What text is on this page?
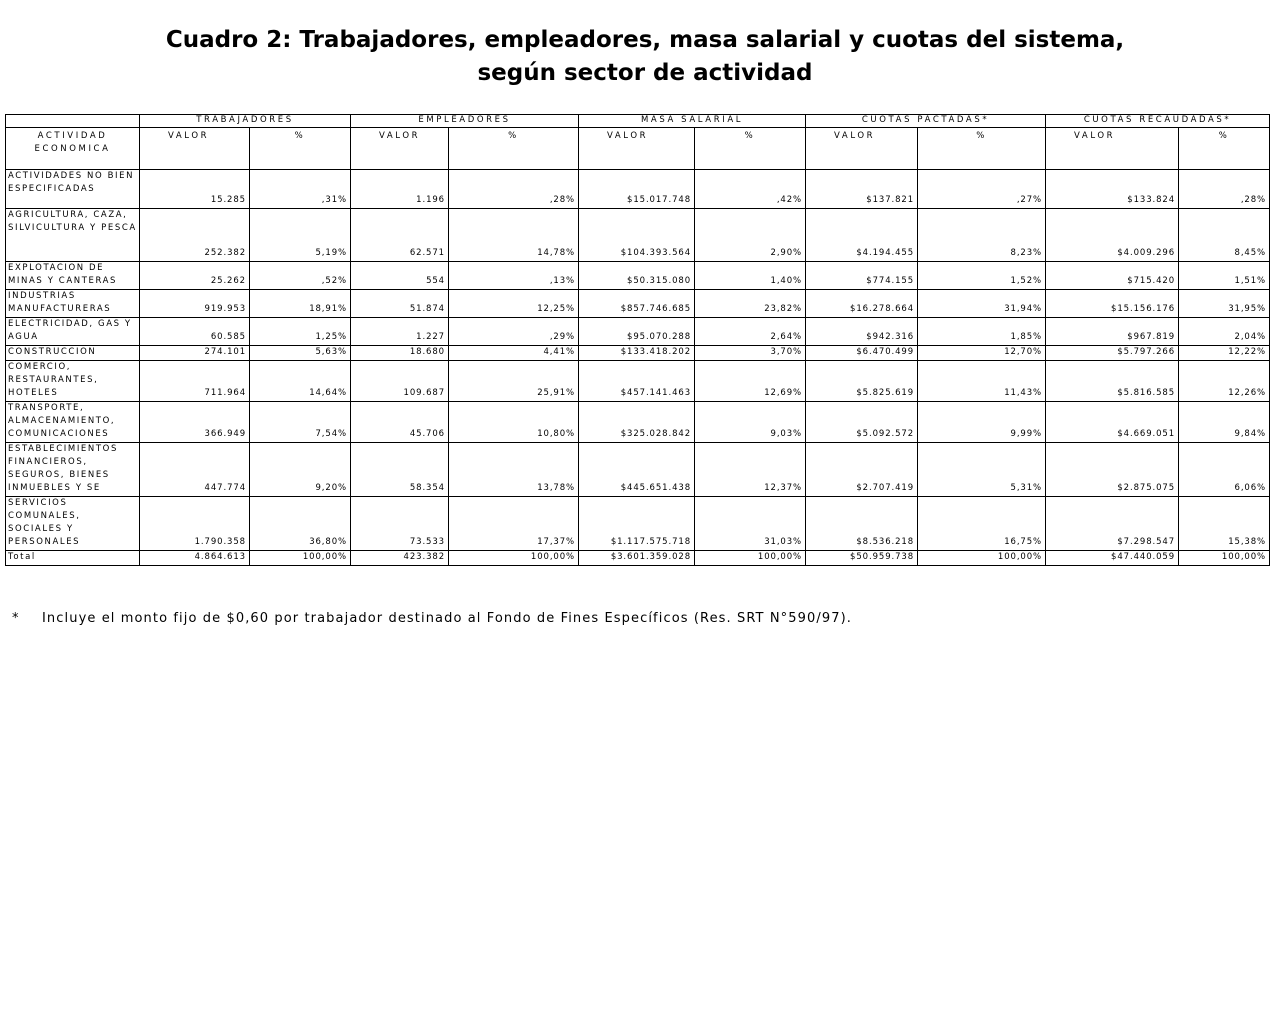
Cuadro 2: Trabajadores, empleadores, masa salarial y cuotas del sistema,
según sector de actividad
	TRABAJADORES		EMPLEADORES		MASA SALARIAL		CUOTAS PACTADAS*		CUOTAS RECAUDADAS*	
ACTIVIDAD ECONOMICA	VALOR	%	VALOR	%	VALOR	%	VALOR	%	VALOR	%
ACTIVIDADES NO BIEN ESPECIFICADAS	15.285	,31%	1.196	,28%	$15.017.748	,42%	$137.821	,27%	$133.824	,28%
AGRICULTURA, CAZA, SILVICULTURA Y PESCA	252.382	5,19%	62.571	14,78%	$104.393.564	2,90%	$4.194.455	8,23%	$4.009.296	8,45%
EXPLOTACION DE MINAS Y CANTERAS	25.262	,52%	554	,13%	$50.315.080	1,40%	$774.155	1,52%	$715.420	1,51%
INDUSTRIAS MANUFACTURERAS	919.953	18,91%	51.874	12,25%	$857.746.685	23,82%	$16.278.664	31,94%	$15.156.176	31,95%
ELECTRICIDAD, GAS Y AGUA	60.585	1,25%	1.227	,29%	$95.070.288	2,64%	$942.316	1,85%	$967.819	2,04%
CONSTRUCCION	274.101	5,63%	18.680	4,41%	$133.418.202	3,70%	$6.470.499	12,70%	$5.797.266	12,22%
COMERCIO, RESTAURANTES, HOTELES	711.964	14,64%	109.687	25,91%	$457.141.463	12,69%	$5.825.619	11,43%	$5.816.585	12,26%
TRANSPORTE, ALMACENAMIENTO, COMUNICACIONES	366.949	7,54%	45.706	10,80%	$325.028.842	9,03%	$5.092.572	9,99%	$4.669.051	9,84%
ESTABLECIMIENTOS FINANCIEROS, SEGUROS, BIENES INMUEBLES Y SE	447.774	9,20%	58.354	13,78%	$445.651.438	12,37%	$2.707.419	5,31%	$2.875.075	6,06%
SERVICIOS COMUNALES, SOCIALES Y PERSONALES	1.790.358	36,80%	73.533	17,37%	$1.117.575.718	31,03%	$8.536.218	16,75%	$7.298.547	15,38%
Total	4.864.613	100,00%	423.382	100,00%	$3.601.359.028	100,00%	$50.959.738	100,00%	$47.440.059	100,00%
* Incluye el monto fijo de $0,60 por trabajador destinado al Fondo de Fines Específicos (Res. SRT N°590/97).
